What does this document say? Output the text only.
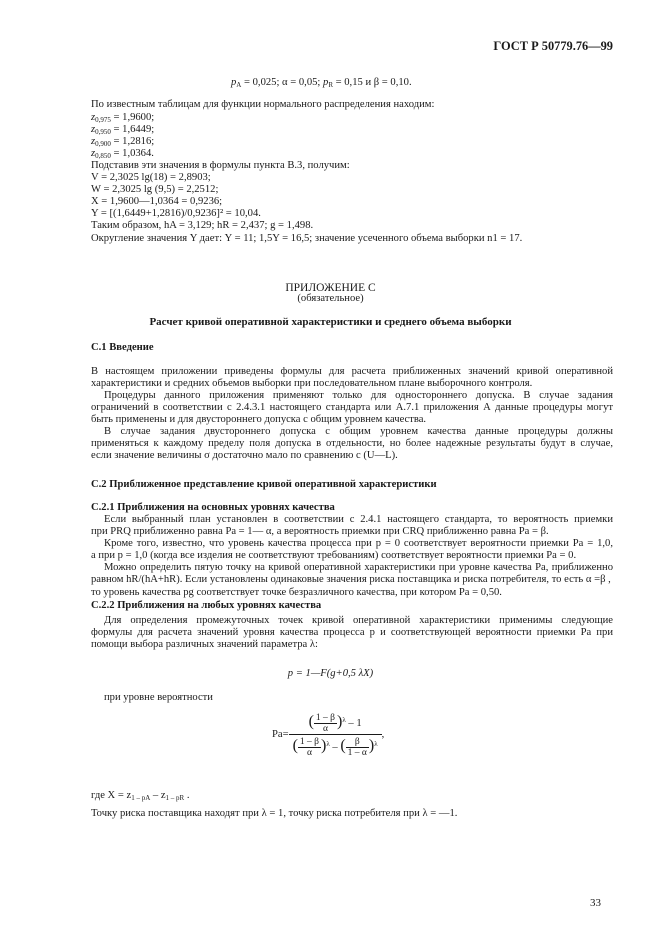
ГОСТ Р 50779.76—99
$p_A = 0,025$; α = 0,05; $p_R = 0,15$ и β = 0,10.
По известным таблицам для функции нормального распределения находим:
$z_{0,975} = 1,9600$;
$z_{0,950} = 1,6449$;
$z_{0,900} = 1,2816$;
$z_{0,850} = 1,0364$.
Подставив эти значения в формулы пункта В.3, получим:
V = 2,3025 lg(18) = 2,8903;
W = 2,3025 lg (9,5) = 2,2512;
X = 1,9600—1,0364 = 0,9236;
Y = [(1,6449+1,2816)/0,9236]² = 10,04.
Таким образом, hA = 3,129; hR = 2,437; g = 1,498.
Округление значения Y дает: Y = 11; 1,5Y = 16,5; значение усеченного объема выборки n1 = 17.
ПРИЛОЖЕНИЕ С
(обязательное)
Расчет кривой оперативной характеристики и среднего объема выборки
С.1 Введение
В настоящем приложении приведены формулы для расчета приближенных значений кривой оперативной
характеристики и средних объемов выборки при последовательном плане выборочного контроля.
Процедуры данного приложения применяют только для одностороннего допуска. В случае задания
ограничений в соответствии с 2.4.3.1 настоящего стандарта или А.7.1 приложения А данные процедуры могут
быть применены и для двустороннего допуска с общим уровнем качества.
В случае задания двустороннего допуска с общим уровнем качества данные процедуры должны
применяться к каждому пределу поля допуска в отдельности, но более надежные результаты будут в случае,
если значение величины σ достаточно мало по сравнению с (U—L).
С.2 Приближенное представление кривой оперативной характеристики
С.2.1 Приближения на основных уровнях качества
Если выбранный план установлен в соответствии с 2.4.1 настоящего стандарта, то вероятность приемки
при PRQ приближенно равна Ра = 1— α, а вероятность приемки при CRQ приближенно равна Ра = β.
Кроме того, известно, что уровень качества процесса при p = 0 соответствует вероятности приемки Ра = 1,0,
а при p = 1,0 (когда все изделия не соответствуют требованиям) соответствует вероятности приемки Ра = 0.
Можно определить пятую точку на кривой оперативной характеристики при уровне качества Ра, приближенно
равном hR/(hA+hR). Если установлены одинаковые значения риска поставщика и риска потребителя, то есть α =β ,
то уровень качества pg соответствует точке безразличного качества, при котором Ра = 0,50.
С.2.2 Приближения на любых уровнях качества
Для определения промежуточных точек кривой оперативной характеристики применимы следующие
формулы для расчета значений уровня качества процесса p и соответствующей вероятности приемки Ра при
помощи выбора различных значений параметра λ:
p = 1—F(g+0,5 λX)
при уровне вероятности
$Ра= \frac{( \frac{1 - \beta}{\alpha} )^\lambda - 1}{( \frac{1 - \beta}{\alpha} )^\lambda - ( \frac{\beta}{1 - \alpha} )^\lambda}$ ,
где $X = z_{1 - pA} - z_{1 - pR}$ .
Точку риска поставщика находят при λ = 1, точку риска потребителя при λ = —1.
33
